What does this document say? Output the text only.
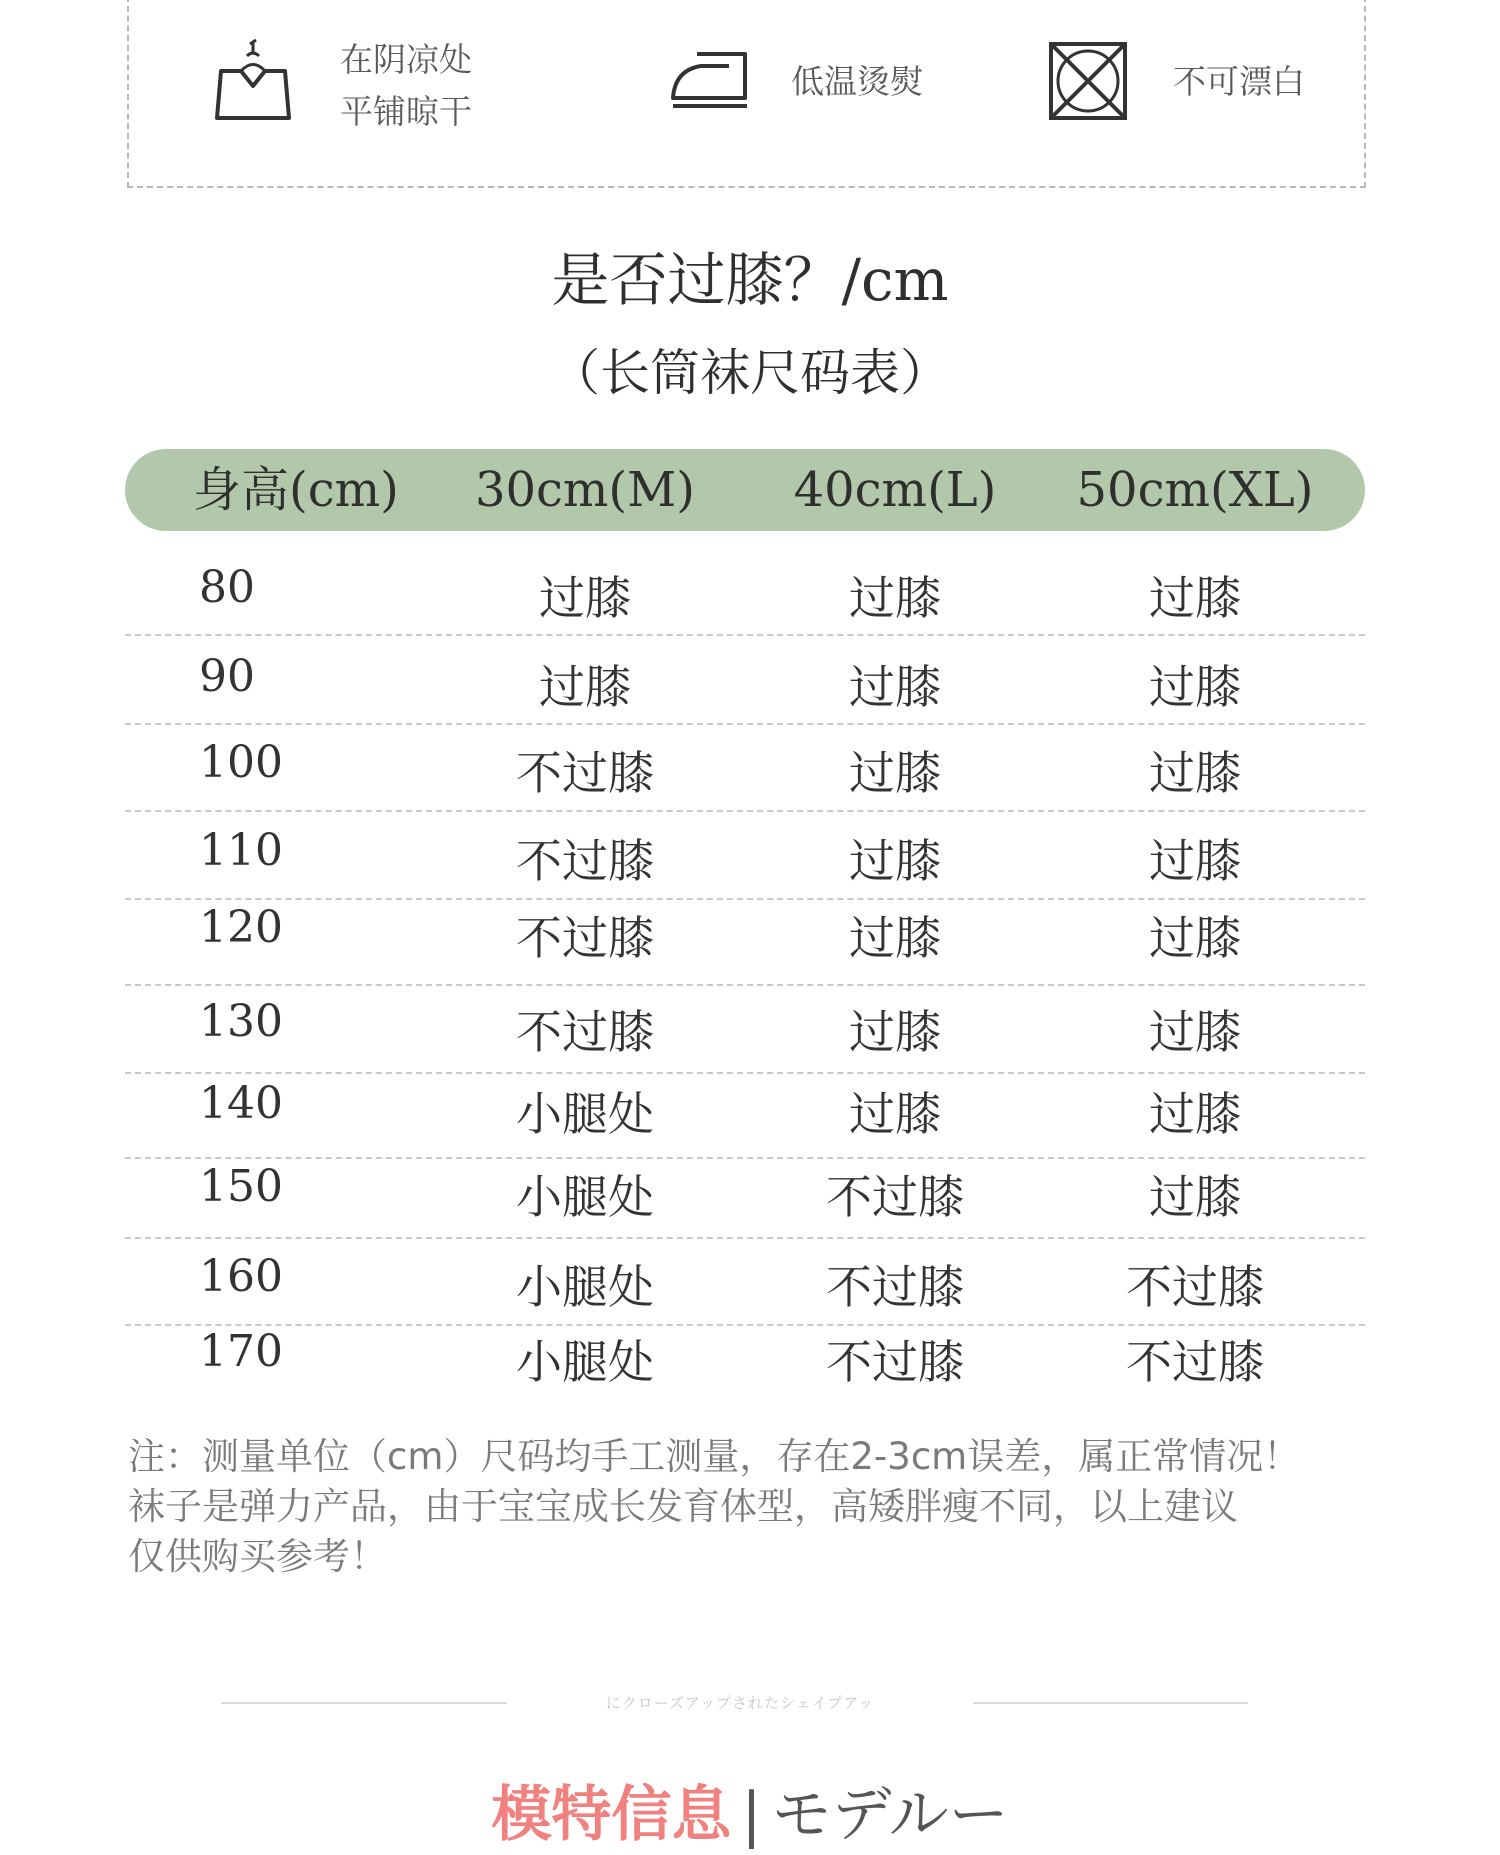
在阴凉处
平铺晾干
低温烫熨	不可漂白
是否过膝？/cm
（长筒袜尺码表）
身高(cm)	30cm(M)	40cm(L)	50cm(XL)
80	过膝	过膝	过膝
90	过膝	过膝	过膝
100	不过膝	过膝	过膝
110	不过膝	过膝	过膝
120	不过膝	过膝	过膝
130	不过膝	过膝	过膝
140	小腿处	过膝	过膝
150	小腿处	不过膝	过膝
160	小腿处	不过膝	不过膝
170	小腿处	不过膝	不过膝
注：测量单位（cm）尺码均手工测量，存在2-3cm误差，属正常情况！
袜子是弹力产品，由于宝宝成长发育体型，高矮胖瘦不同，以上建议
仅供购买参考！
にクローズアップされたシェイプアッ
模特信息 | モデルー
